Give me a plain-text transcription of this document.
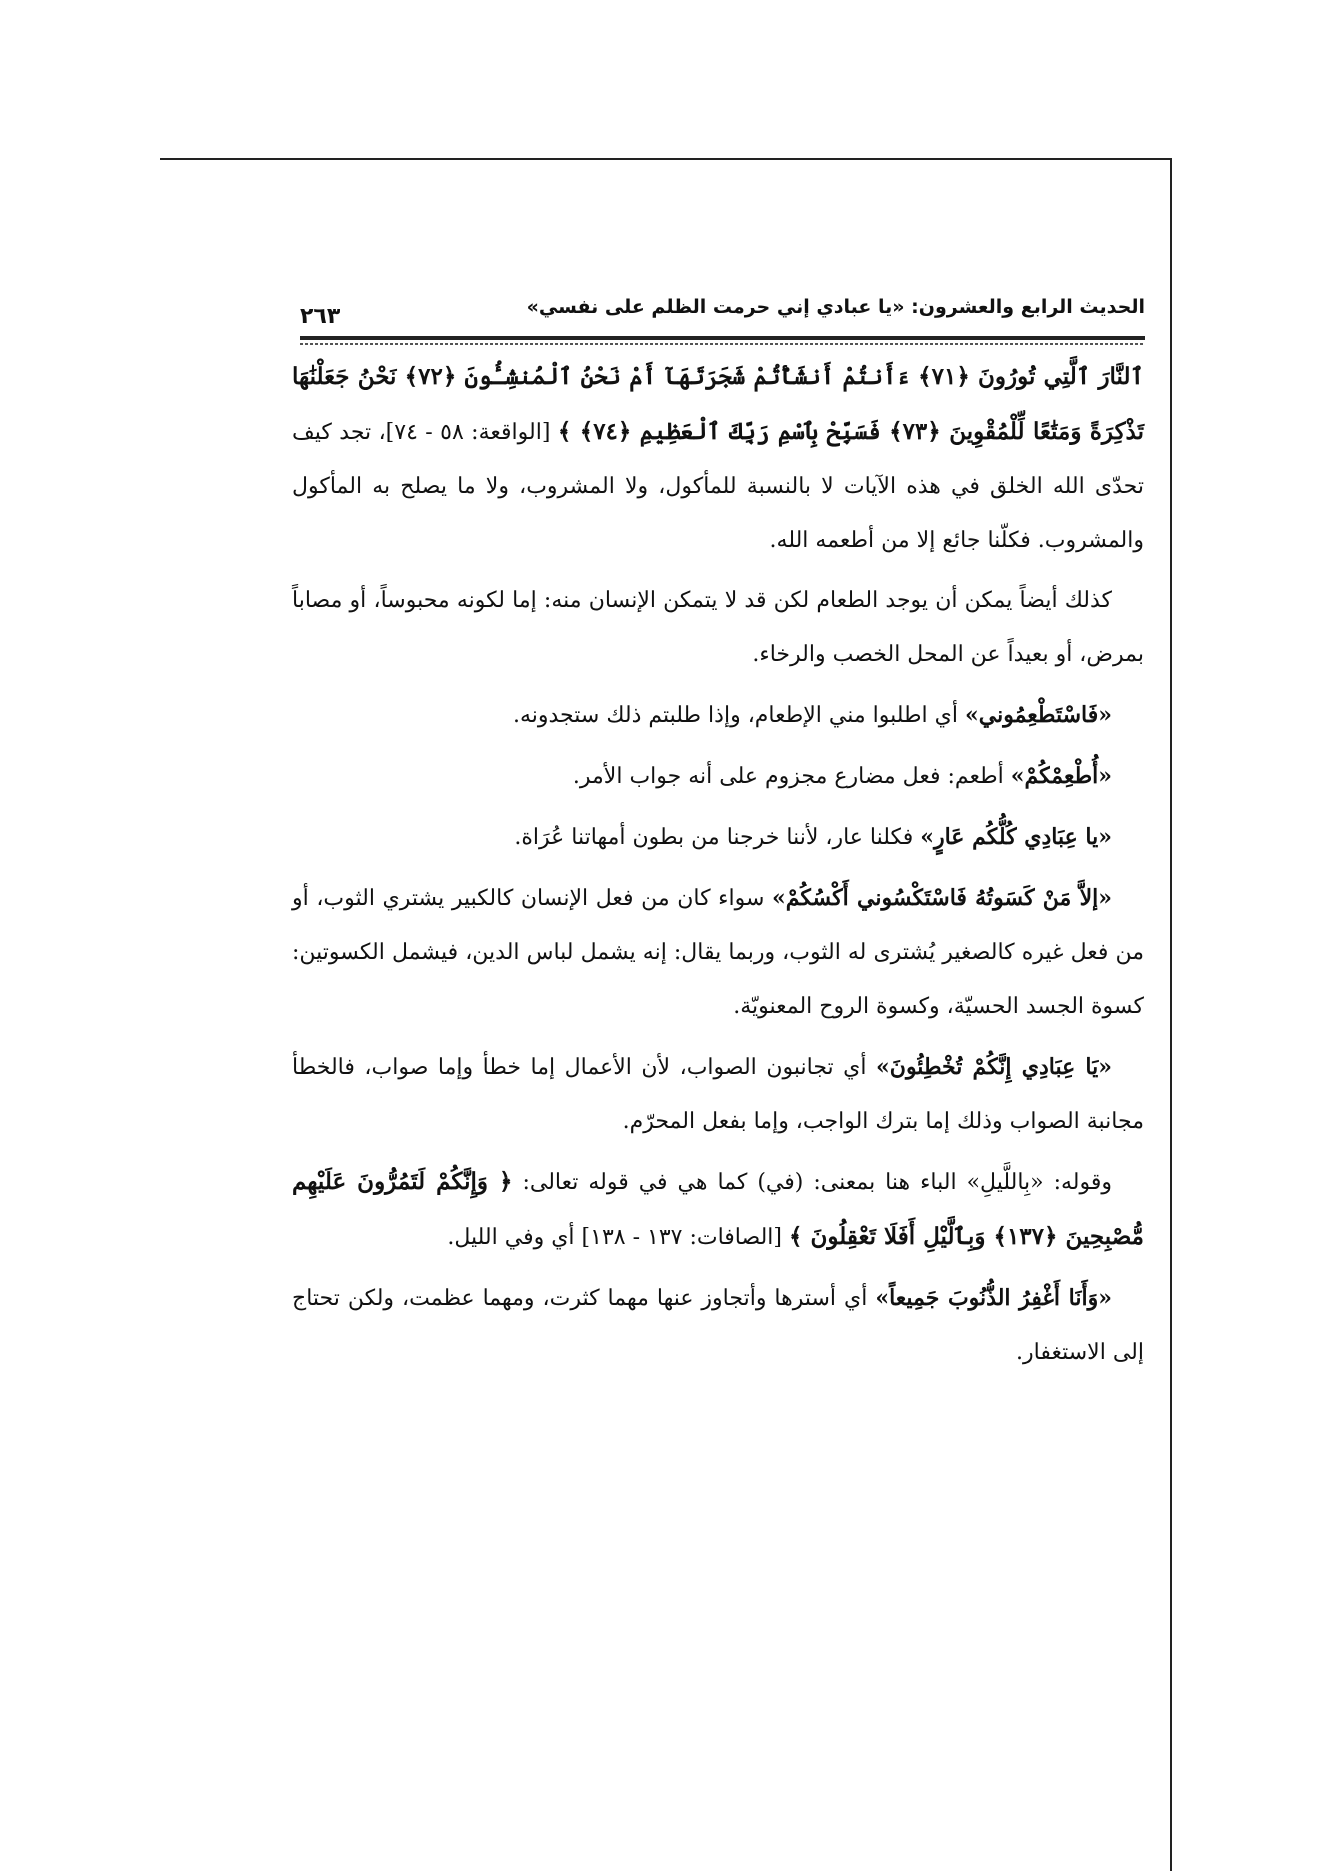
الحديث الرابع والعشرون: «يا عبادي إني حرمت الظلم على نفسي»
٢٦٣

ٱلنَّارَ ٱلَّتِي تُورُونَ ﴿٧١﴾ ءَأَنتُمْ أَنشَأْتُمْ شَجَرَتَهَآ أَمْ نَحْنُ ٱلْمُنشِـُٔونَ ﴿٧٢﴾ نَحْنُ جَعَلْنَٰهَا تَذْكِرَةً وَمَتَٰعًا لِّلْمُقْوِينَ ﴿٧٣﴾ فَسَبِّحْ بِٱسْمِ رَبِّكَ ٱلْعَظِيمِ ﴿٧٤﴾ ﴾ [الواقعة: ٥٨ - ٧٤]، تجد كيف تحدّى الله الخلق في هذه الآيات لا بالنسبة للمأكول، ولا المشروب، ولا ما يصلح به المأكول والمشروب. فكلّنا جائع إلا من أطعمه الله.

كذلك أيضاً يمكن أن يوجد الطعام لكن قد لا يتمكن الإنسان منه: إما لكونه محبوساً، أو مصاباً بمرض، أو بعيداً عن المحل الخصب والرخاء.

«فَاسْتَطْعِمُوني» أي اطلبوا مني الإطعام، وإذا طلبتم ذلك ستجدونه.

«أُطْعِمْكُمْ» أطعم: فعل مضارع مجزوم على أنه جواب الأمر.

«يا عِبَادِي كُلُّكُم عَارٍ» فكلنا عار، لأننا خرجنا من بطون أمهاتنا عُرَاة.

«إلاَّ مَنْ كَسَوتُهُ فَاسْتَكْسُوني أَكْسُكُمْ» سواء كان من فعل الإنسان كالكبير يشتري الثوب، أو من فعل غيره كالصغير يُشترى له الثوب، وربما يقال: إنه يشمل لباس الدين، فيشمل الكسوتين: كسوة الجسد الحسيّة، وكسوة الروح المعنويّة.

«يَا عِبَادِي إِنَّكُمْ تُخْطِئُونَ» أي تجانبون الصواب، لأن الأعمال إما خطأ وإما صواب، فالخطأ مجانبة الصواب وذلك إما بترك الواجب، وإما بفعل المحرّم.

وقوله: «بِاللَّيلِ» الباء هنا بمعنى: (في) كما هي في قوله تعالى: ﴿ وَإِنَّكُمْ لَتَمُرُّونَ عَلَيْهِم مُّصْبِحِينَ ﴿١٣٧﴾ وَبِٱلَّيْلِ أَفَلَا تَعْقِلُونَ ﴾ [الصافات: ١٣٧ - ١٣٨] أي وفي الليل.

«وَأَنَا أَغْفِرُ الذُّنُوبَ جَمِيعاً» أي أسترها وأتجاوز عنها مهما كثرت، ومهما عظمت، ولكن تحتاج إلى الاستغفار.
